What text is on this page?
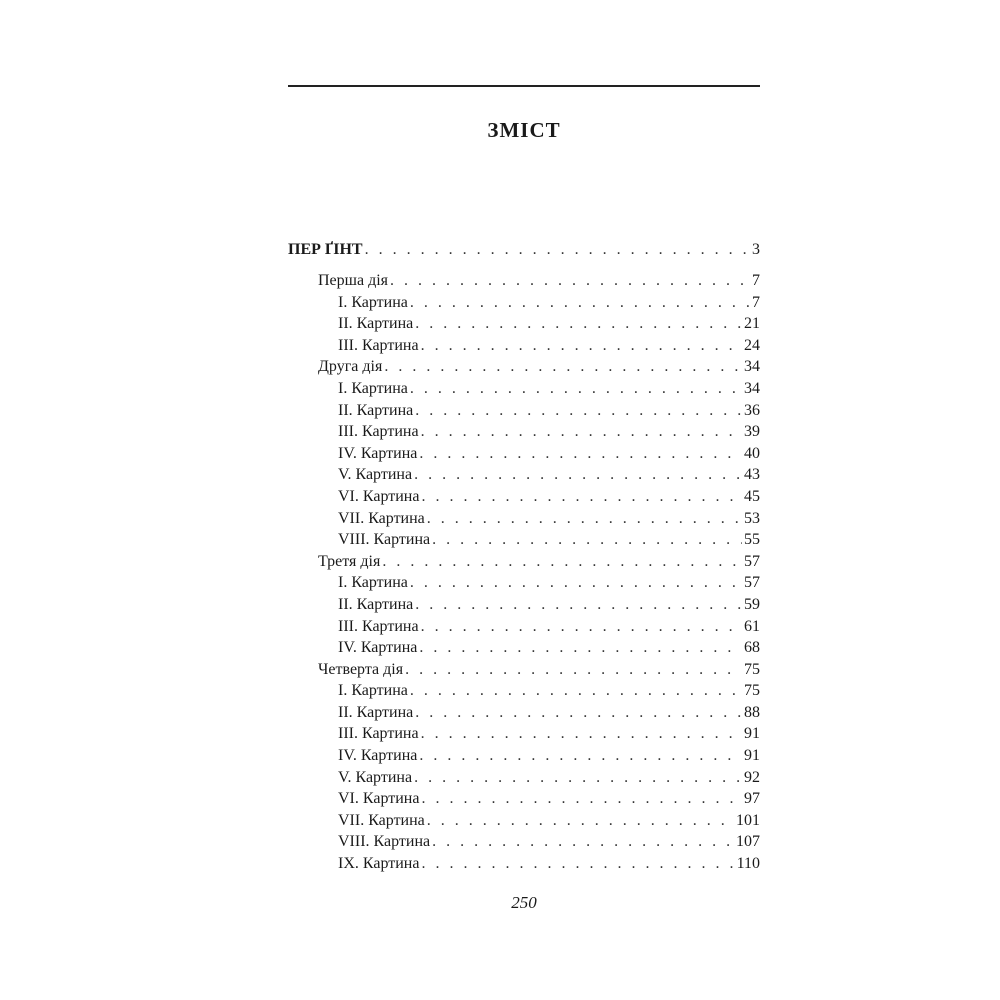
ЗМІСТ
ПЕР ҐІНТ . . .	3
Перша дія . . .	7
I. Картина . . .	7
II. Картина . . .	21
III. Картина . . .	24
Друга дія . . .	34
I. Картина . . .	34
II. Картина . . .	36
III. Картина . . .	39
IV. Картина . . .	40
V. Картина . . .	43
VI. Картина . . .	45
VII. Картина . . .	53
VIII. Картина . . .	55
Третя дія . . .	57
I. Картина . . .	57
II. Картина . . .	59
III. Картина . . .	61
IV. Картина . . .	68
Четверта дія . . .	75
I. Картина . . .	75
II. Картина . . .	88
III. Картина . . .	91
IV. Картина . . .	91
V. Картина . . .	92
VI. Картина . . .	97
VII. Картина . . .	101
VIII. Картина . . .	107
IX. Картина . . .	110
250
